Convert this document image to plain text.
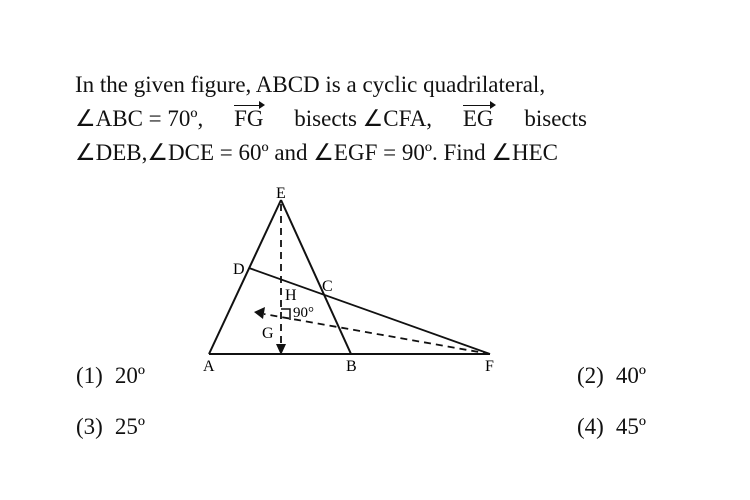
In the given figure, ABCD is a cyclic quadrilateral,
∠ABC = 70º, FG bisects ∠CFA, EG bisects
∠DEB,∠DCE = 60º and ∠EGF = 90º. Find ∠HEC
E
D
C
H
90°
G
A	B	F
(1) 20º	(2) 40º
(3) 25º	(4) 45º
